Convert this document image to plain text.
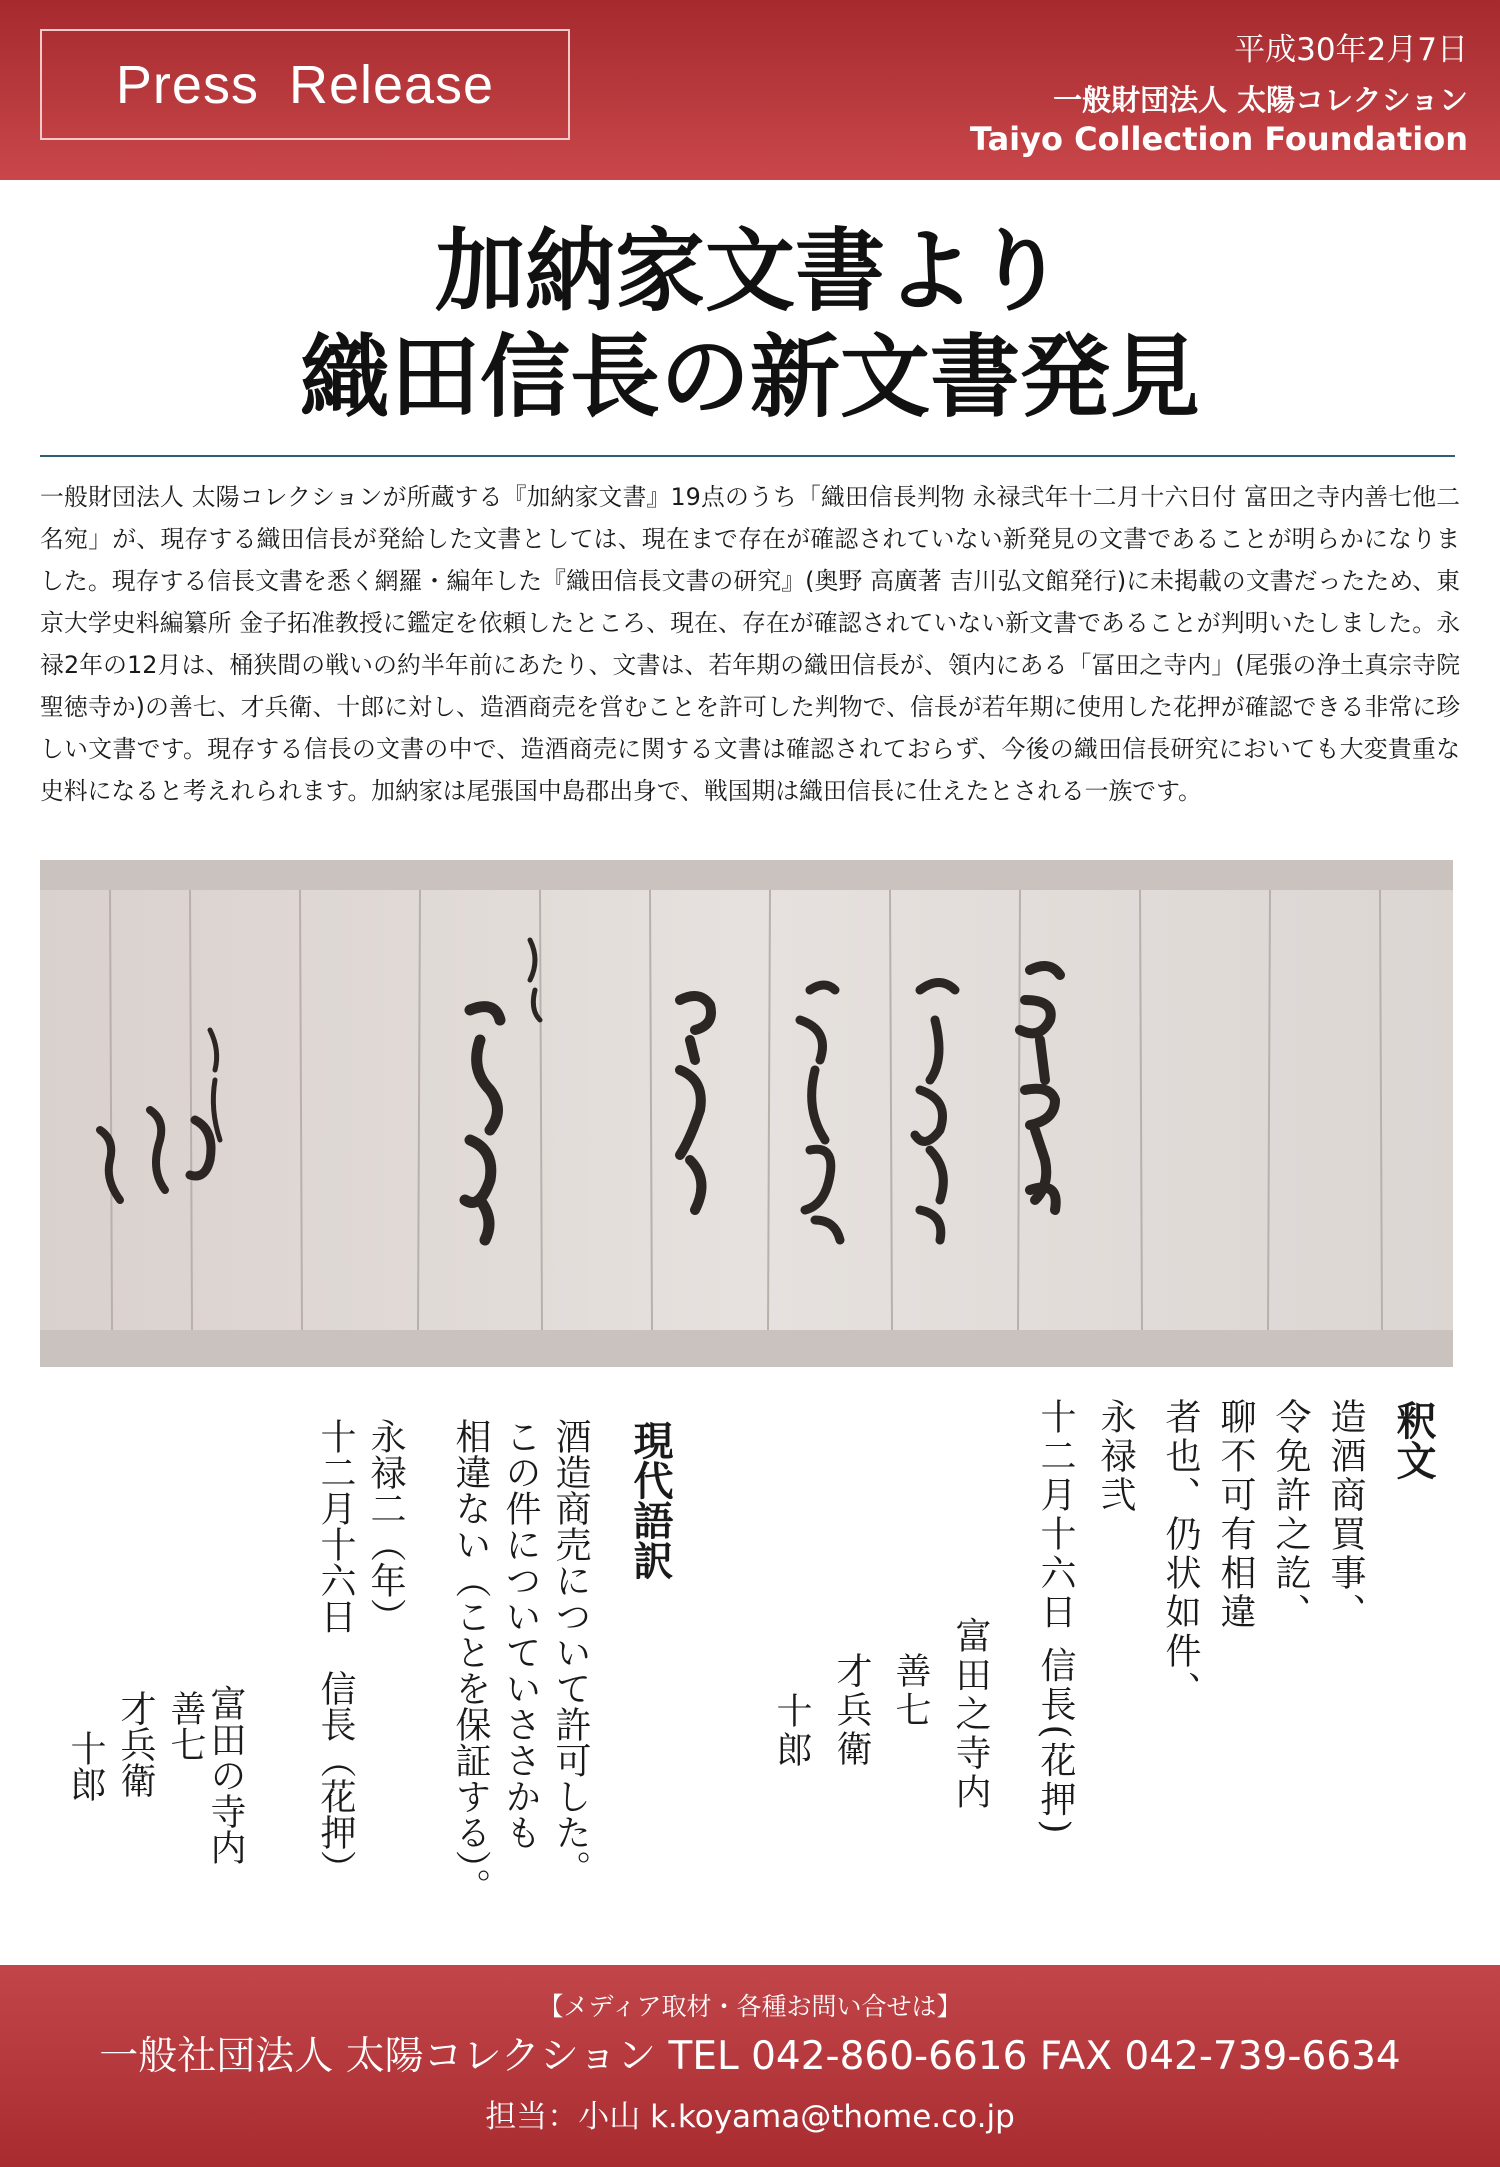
Press Release
平成30年2月7日
一般財団法人 太陽コレクション
Taiyo Collection Foundation
加納家文書より
織田信長の新文書発見
一般財団法人 太陽コレクションが所蔵する『加納家文書』19点のうち「織田信長判物 永禄弐年十二月十六日付 富田之寺内善七他二名宛」が、現存する織田信長が発給した文書としては、現在まで存在が確認されていない新発見の文書であることが明らかになりました。現存する信長文書を悉く網羅・編年した『織田信長文書の研究』(奥野 高廣著 吉川弘文館発行)に未掲載の文書だったため、東京大学史料編纂所 金子拓准教授に鑑定を依頼したところ、現在、存在が確認されていない新文書であることが判明いたしました。永禄2年の12月は、桶狭間の戦いの約半年前にあたり、文書は、若年期の織田信長が、領内にある「冨田之寺内」(尾張の浄土真宗寺院聖徳寺か)の善七、才兵衛、十郎に対し、造酒商売を営むことを許可した判物で、信長が若年期に使用した花押が確認できる非常に珍しい文書です。現存する信長の文書の中で、造酒商売に関する文書は確認されておらず、今後の織田信長研究においても大変貴重な史料になると考えれられます。加納家は尾張国中島郡出身で、戦国期は織田信長に仕えたとされる一族です。
釈文
造酒商買事、
令免許之訖、
聊不可有相違
者也、仍状如件、
永禄弐
十二月十六日 信長(花押)
富田之寺内
善七
才兵衛
十郎
現代語訳
酒造商売について許可した。
この件についていささかも
相違ない（ことを保証する）。
永禄二（年）
十二月十六日　信長（花押）
富田の寺内
善七
才兵衛
十郎
【メディア取材・各種お問い合せは】
一般社団法人 太陽コレクション TEL 042-860-6616 FAX 042-739-6634
担当：小山 k.koyama@thome.co.jp
